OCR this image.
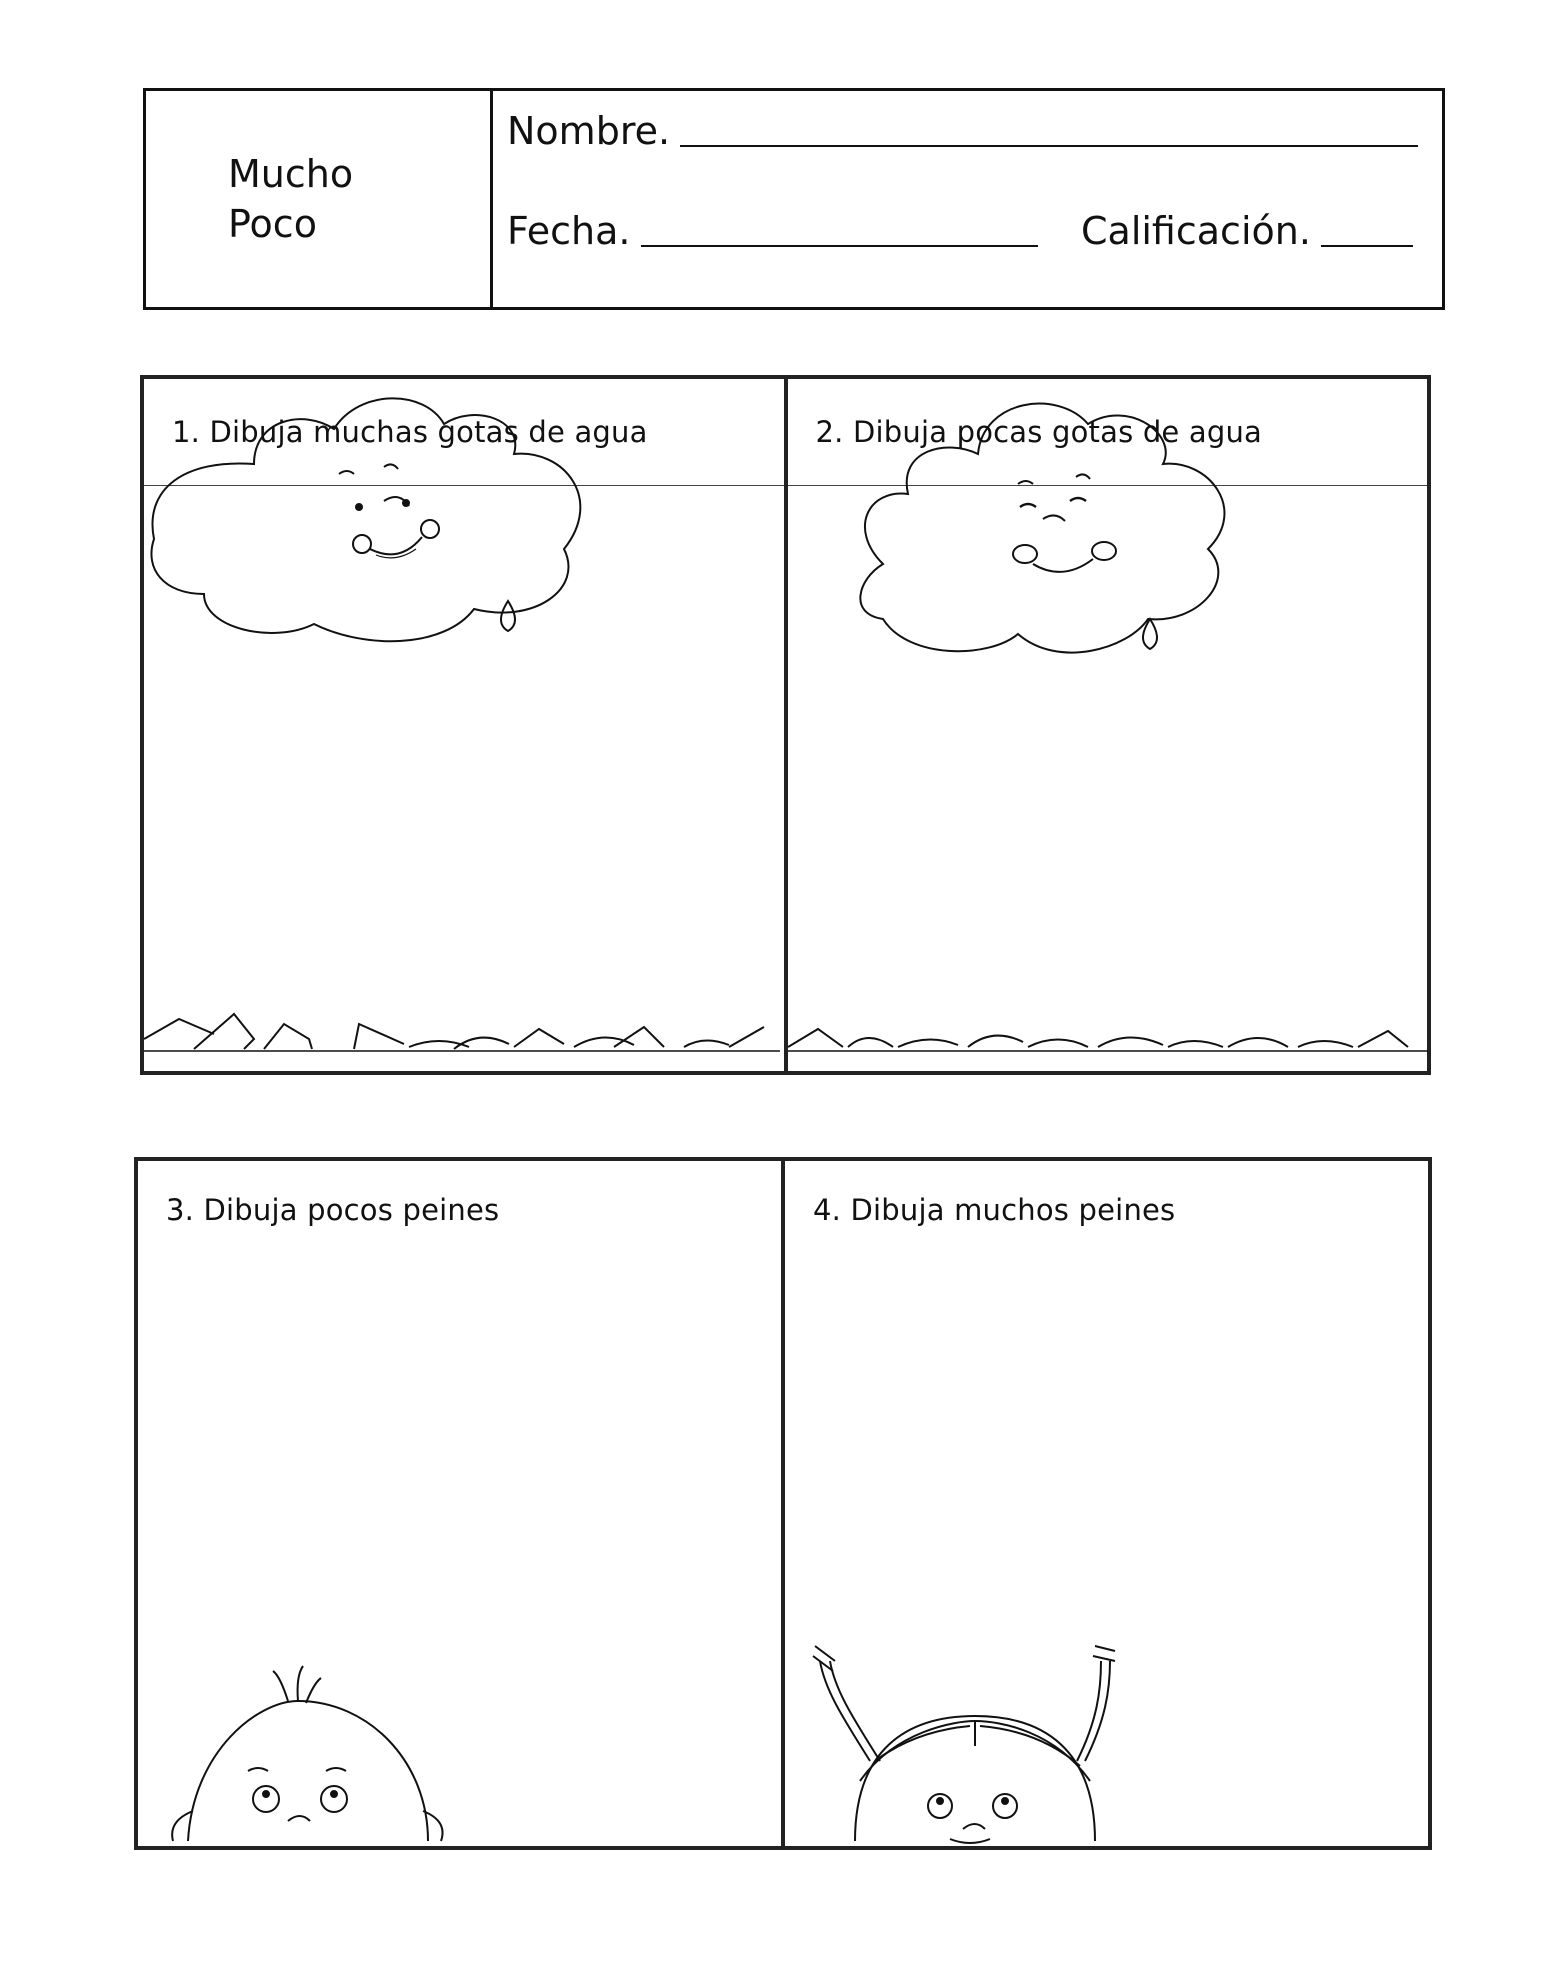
Mucho
Poco
Nombre.
Fecha.	Calificación.
1. Dibuja muchas gotas de agua	2. Dibuja pocas gotas de agua
3. Dibuja pocos peines	4. Dibuja muchos peines
